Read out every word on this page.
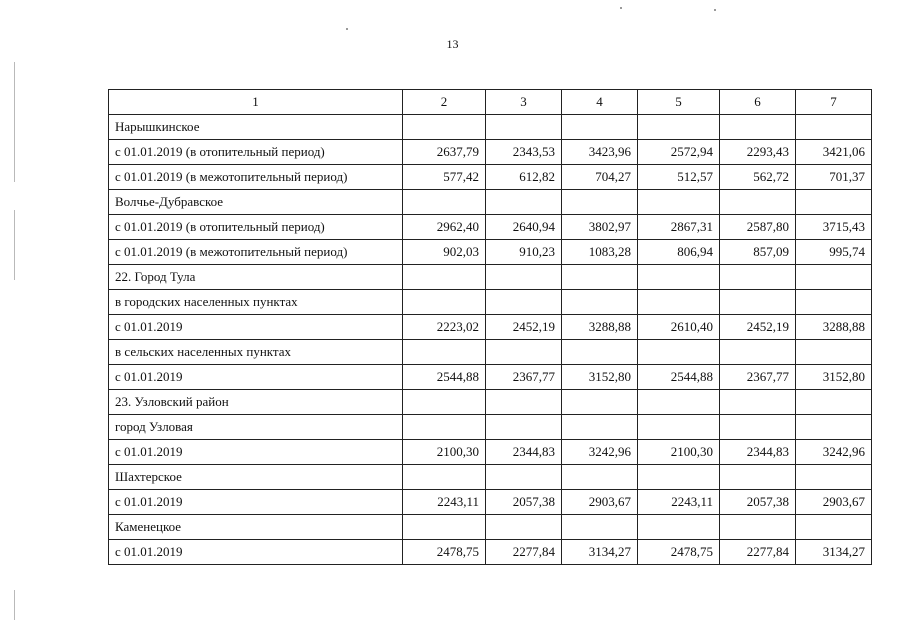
13
1	2	3	4	5	6	7
Нарышкинское						
с 01.01.2019 (в отопительный период)	2637,79	2343,53	3423,96	2572,94	2293,43	3421,06
с 01.01.2019 (в межотопительный период)	577,42	612,82	704,27	512,57	562,72	701,37
Волчье-Дубравское						
с 01.01.2019 (в отопительный период)	2962,40	2640,94	3802,97	2867,31	2587,80	3715,43
с 01.01.2019 (в межотопительный период)	902,03	910,23	1083,28	806,94	857,09	995,74
22. Город Тула						
в городских населенных пунктах						
с 01.01.2019	2223,02	2452,19	3288,88	2610,40	2452,19	3288,88
в сельских населенных пунктах						
с 01.01.2019	2544,88	2367,77	3152,80	2544,88	2367,77	3152,80
23. Узловский район						
город Узловая						
с 01.01.2019	2100,30	2344,83	3242,96	2100,30	2344,83	3242,96
Шахтерское						
с 01.01.2019	2243,11	2057,38	2903,67	2243,11	2057,38	2903,67
Каменецкое						
с 01.01.2019	2478,75	2277,84	3134,27	2478,75	2277,84	3134,27
